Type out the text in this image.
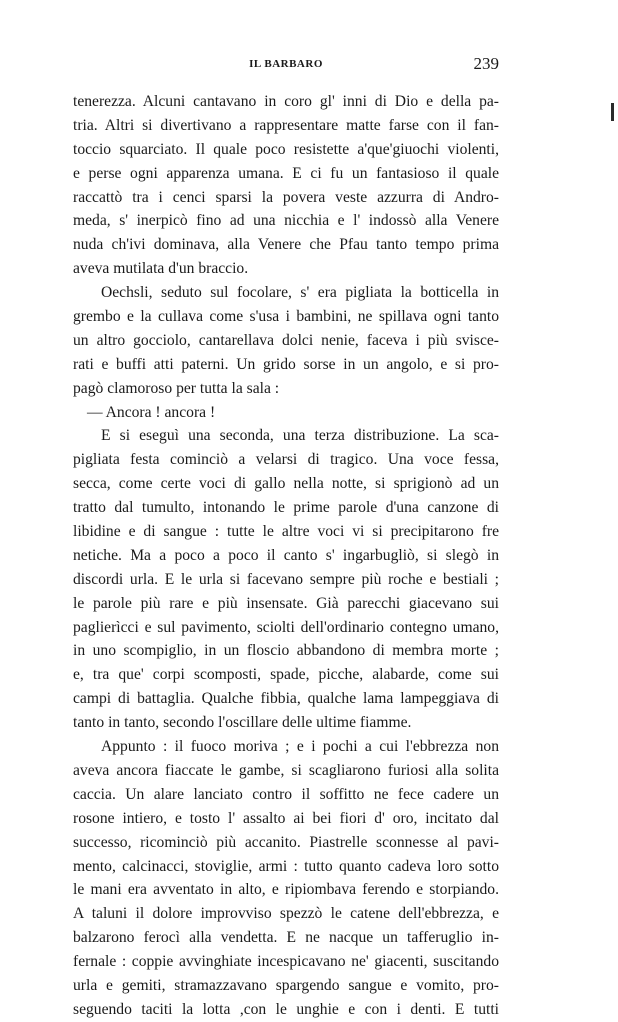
IL BARBARO	239
tenerezza. Alcuni cantavano in coro gl' inni di Dio e della pa-
tria. Altri si divertivano a rappresentare matte farse con il fan-
toccio squarciato. Il quale poco resistette a'que'giuochi violenti,
e perse ogni apparenza umana. E ci fu un fantasioso il quale
raccattò tra i cenci sparsi la povera veste azzurra di Andro-
meda, s' inerpicò fino ad una nicchia e l' indossò alla Venere
nuda ch'ivi dominava, alla Venere che Pfau tanto tempo prima
aveva mutilata d'un braccio.
Oechsli, seduto sul focolare, s' era pigliata la botticella in
grembo e la cullava come s'usa i bambini, ne spillava ogni tanto
un altro gocciolo, cantarellava dolci nenie, faceva i più svisce-
rati e buffi atti paterni. Un grido sorse in un angolo, e si pro-
pagò clamoroso per tutta la sala :
— Ancora ! ancora !
E si eseguì una seconda, una terza distribuzione. La sca-
pigliata festa cominciò a velarsi di tragico. Una voce fessa,
secca, come certe voci di gallo nella notte, si sprigionò ad un
tratto dal tumulto, intonando le prime parole d'una canzone di
libidine e di sangue : tutte le altre voci vi si precipitarono fre
netiche. Ma a poco a poco il canto s' ingarbugliò, si slegò in
discordi urla. E le urla si facevano sempre più roche e bestiali ;
le parole più rare e più insensate. Già parecchi giacevano sui
paglierìcci e sul pavimento, sciolti dell'ordinario contegno umano,
in uno scompiglio, in un floscio abbandono di membra morte ;
e, tra que' corpi scomposti, spade, picche, alabarde, come sui
campi di battaglia. Qualche fibbia, qualche lama lampeggiava di
tanto in tanto, secondo l'oscillare delle ultime fiamme.
Appunto : il fuoco moriva ; e i pochi a cui l'ebbrezza non
aveva ancora fiaccate le gambe, si scagliarono furiosi alla solita
caccia. Un alare lanciato contro il soffitto ne fece cadere un
rosone intiero, e tosto l' assalto ai bei fiori d' oro, incitato dal
successo, ricominciò più accanito. Piastrelle sconnesse al pavi-
mento, calcinacci, stoviglie, armi : tutto quanto cadeva loro sotto
le mani era avventato in alto, e ripiombava ferendo e storpiando.
A taluni il dolore improvviso spezzò le catene dell'ebbrezza, e
balzarono ferocì alla vendetta. E ne nacque un tafferuglio in-
fernale : coppie avvinghiate incespicavano ne' giacenti, suscitando
urla e gemiti, stramazzavano spargendo sangue e vomito, pro-
seguendo taciti la lotta ,con le unghie e con i denti. E tutti
